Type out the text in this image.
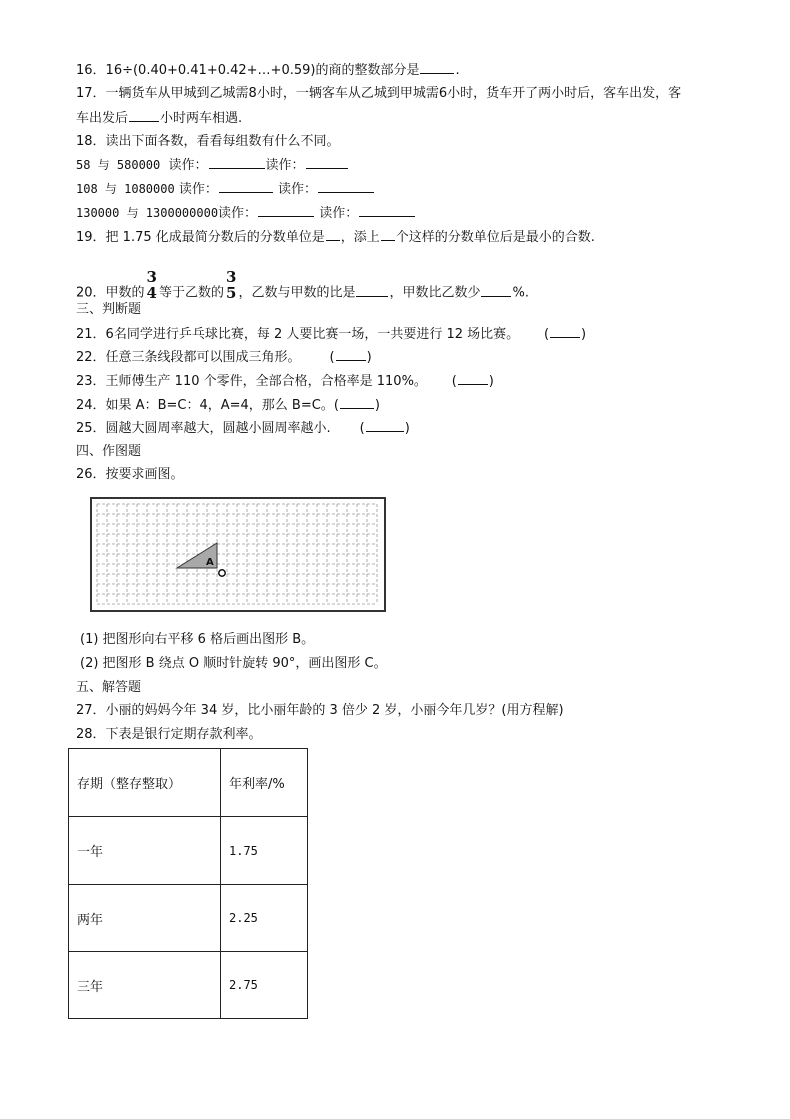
16．16÷(0.40+0.41+0.42+…+0.59)的商的整数部分是	.
17．一辆货车从甲城到乙城需8小时，一辆客车从乙城到甲城需6小时，货车开了两小时后，客车出发，客
车出发后 小时两车相遇.
18．读出下面各数，看看每组数有什么不同。
58 与 580000 读作：	读作：
108 与 1080000 读作：	读作：
130000 与 1300000000读作：	读作：
19．把 1.75 化成最简分数后的分数单位是 ，添上 个这样的分数单位后是最小的合数.
20．甲数的
3
4 等于乙数的
3
5 ，乙数与甲数的比是	，甲数比乙数少 %.
三、判断题
21．6名同学进行乒乓球比赛，每 2 人要比赛一场，一共要进行 12 场比赛。 ( )
22．任意三条线段都可以围成三角形。 ( )
23．王师傅生产 110 个零件，全部合格，合格率是 110%。 ( )
24．如果 A：B=C：4，A=4，那么 B=C。(	)
25．圆越大圆周率越大，圆越小圆周率越小. (	)
四、作图题
26．按要求画图。
A
(1) 把图形向右平移 6 格后画出图形 B。
(2) 把图形 B 绕点 O 顺时针旋转 90°，画出图形 C。
五、解答题
27．小丽的妈妈今年 34 岁，比小丽年龄的 3 倍少 2 岁，小丽今年几岁？(用方程解)
28．下表是银行定期存款利率。
存期（整存整取）	年利率/%
一年	1.75
两年	2.25
三年	2.75
